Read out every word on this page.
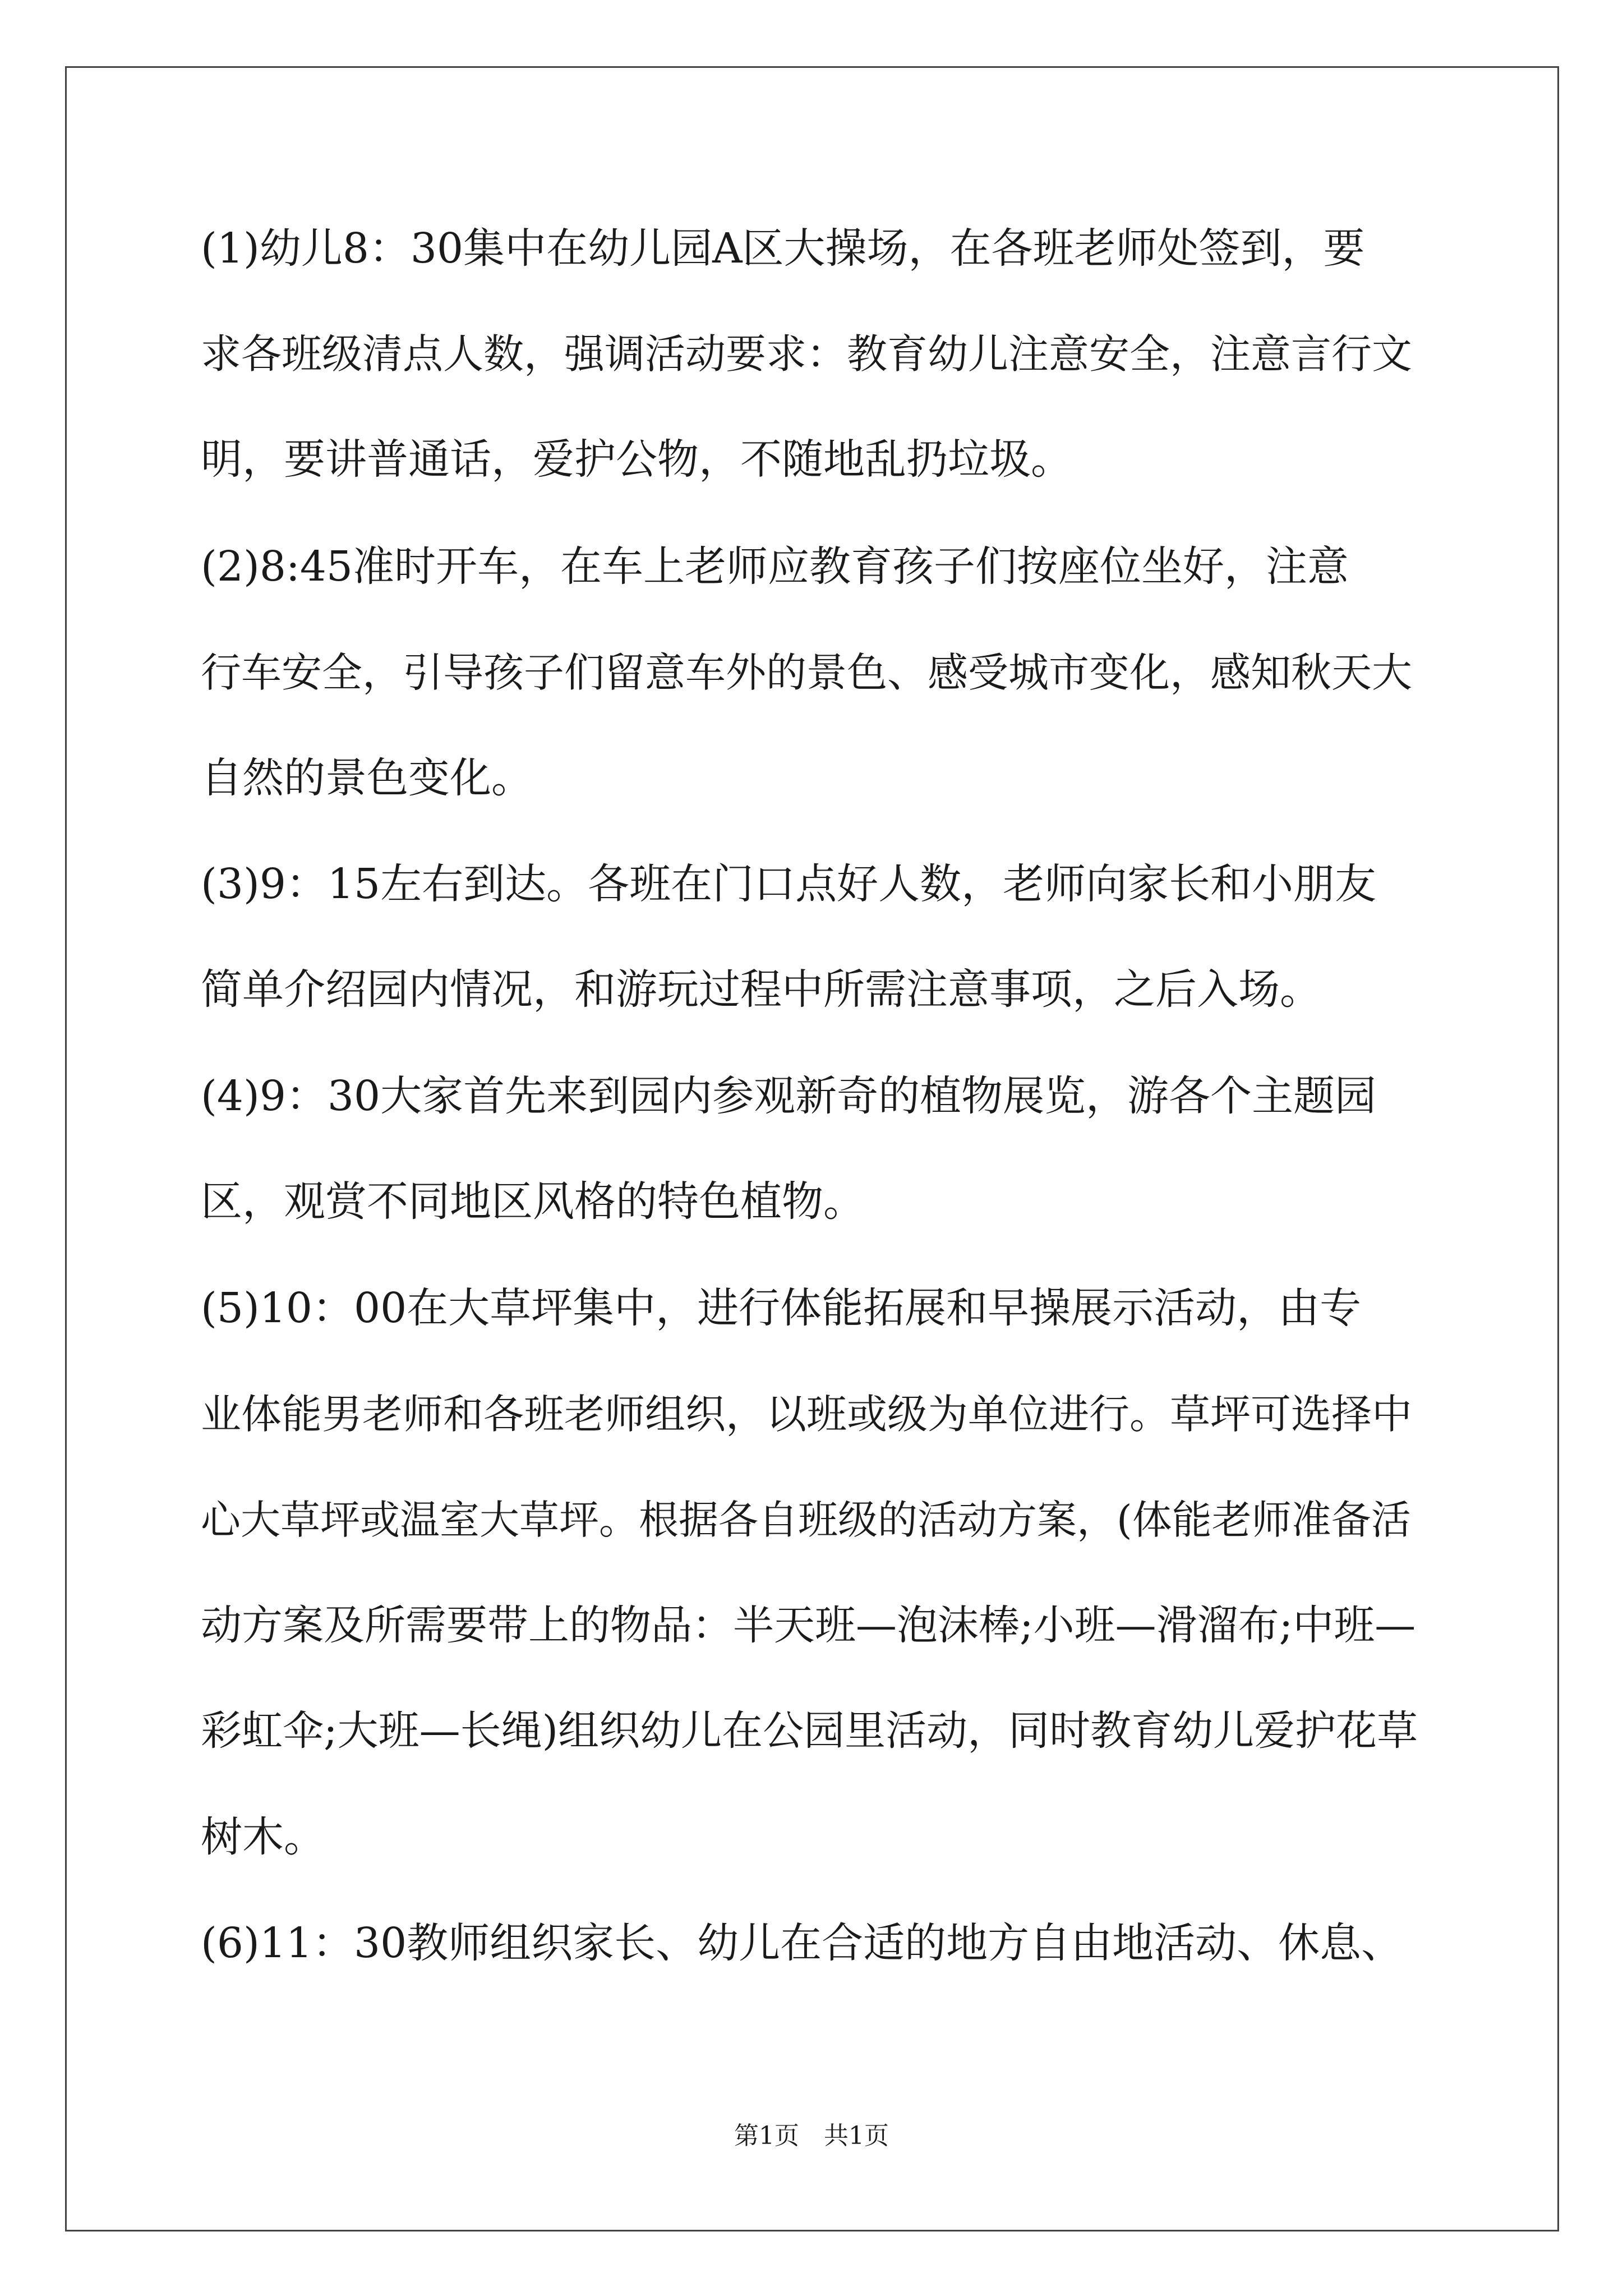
(1)幼儿8：30集中在幼儿园A区大操场，在各班老师处签到，要
求各班级清点人数，强调活动要求：教育幼儿注意安全，注意言行文
明，要讲普通话，爱护公物，不随地乱扔垃圾。
(2)8:45准时开车，在车上老师应教育孩子们按座位坐好，注意
行车安全，引导孩子们留意车外的景色、感受城市变化，感知秋天大
自然的景色变化。
(3)9：15左右到达。各班在门口点好人数，老师向家长和小朋友
简单介绍园内情况，和游玩过程中所需注意事项，之后入场。
(4)9：30大家首先来到园内参观新奇的植物展览，游各个主题园
区，观赏不同地区风格的特色植物。
(5)10：00在大草坪集中，进行体能拓展和早操展示活动，由专
业体能男老师和各班老师组织，以班或级为单位进行。草坪可选择中
心大草坪或温室大草坪。根据各自班级的活动方案，(体能老师准备活
动方案及所需要带上的物品：半天班—泡沫棒;小班—滑溜布;中班—
彩虹伞;大班—长绳)组织幼儿在公园里活动，同时教育幼儿爱护花草
树木。
(6)11：30教师组织家长、幼儿在合适的地方自由地活动、休息、
第1页　共1页
